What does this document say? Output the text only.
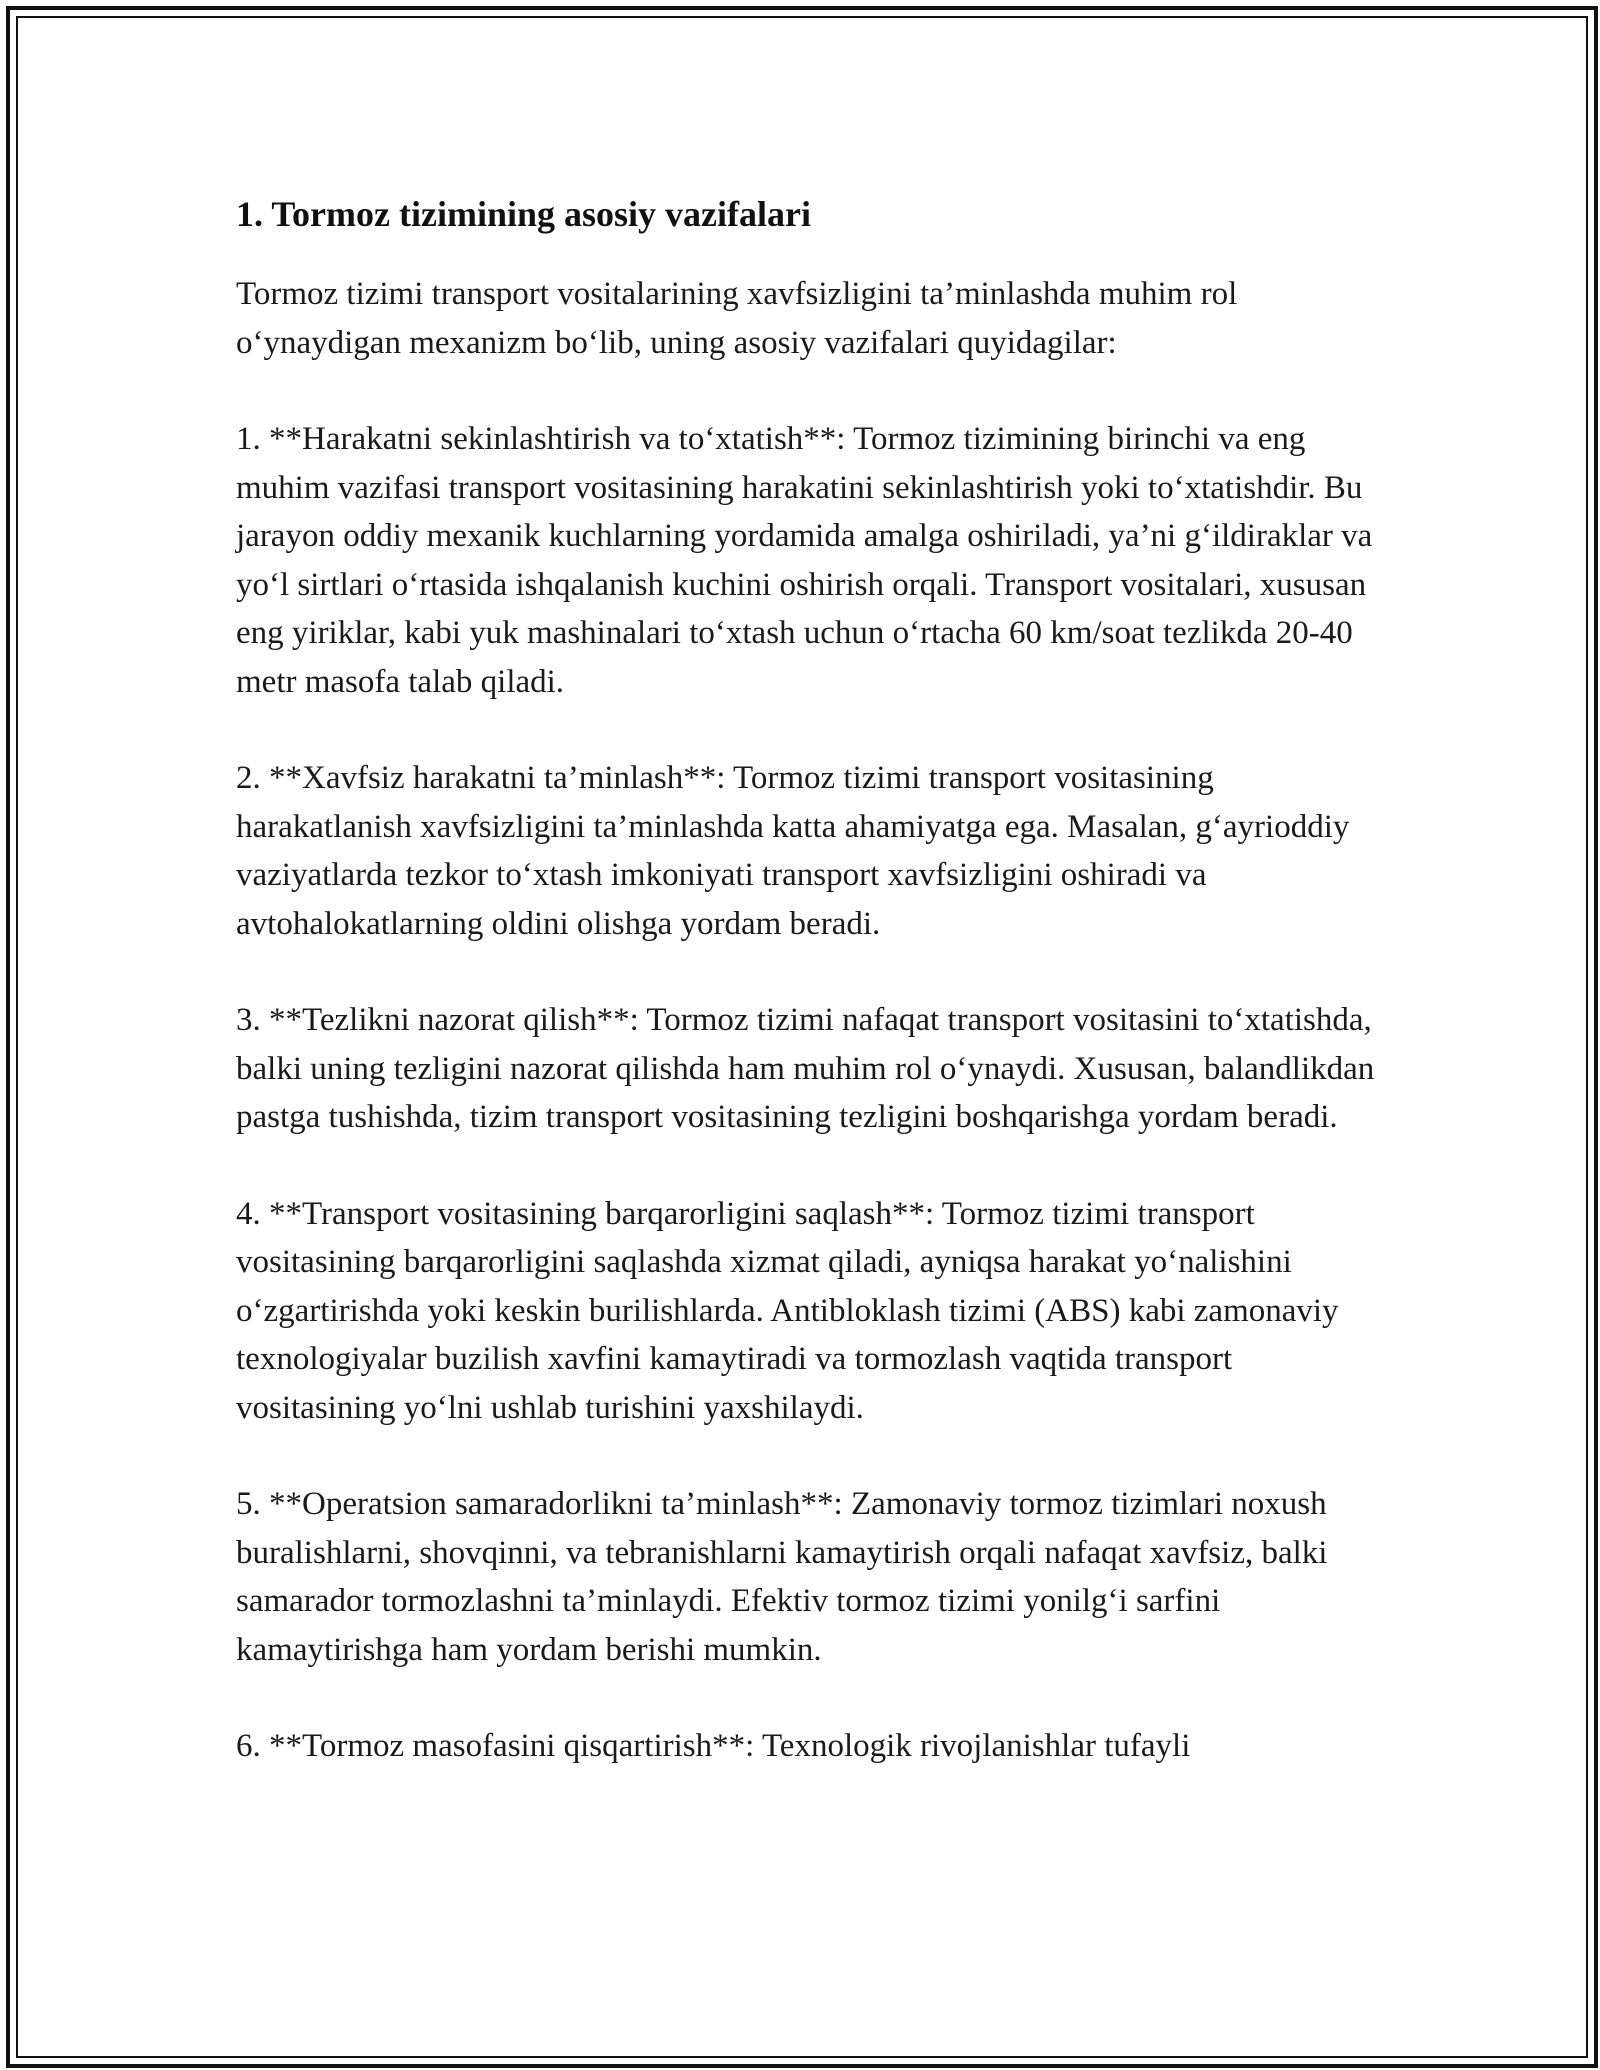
1. Tormoz tizimining asosiy vazifalari

Tormoz tizimi transport vositalarining xavfsizligini ta’minlashda muhim rol o‘ynaydigan mexanizm bo‘lib, uning asosiy vazifalari quyidagilar:

1. **Harakatni sekinlashtirish va to‘xtatish**: Tormoz tizimining birinchi va eng muhim vazifasi transport vositasining harakatini sekinlashtirish yoki to‘xtatishdir. Bu jarayon oddiy mexanik kuchlarning yordamida amalga oshiriladi, ya’ni g‘ildiraklar va yo‘l sirtlari o‘rtasida ishqalanish kuchini oshirish orqali. Transport vositalari, xususan eng yiriklar, kabi yuk mashinalari to‘xtash uchun o‘rtacha 60 km/soat tezlikda 20-40 metr masofa talab qiladi.

2. **Xavfsiz harakatni ta’minlash**: Tormoz tizimi transport vositasining harakatlanish xavfsizligini ta’minlashda katta ahamiyatga ega. Masalan, g‘ayrioddiy vaziyatlarda tezkor to‘xtash imkoniyati transport xavfsizligini oshiradi va avtohalokatlarning oldini olishga yordam beradi.

3. **Tezlikni nazorat qilish**: Tormoz tizimi nafaqat transport vositasini to‘xtatishda, balki uning tezligini nazorat qilishda ham muhim rol o‘ynaydi. Xususan, balandlikdan pastga tushishda, tizim transport vositasining tezligini boshqarishga yordam beradi.

4. **Transport vositasining barqarorligini saqlash**: Tormoz tizimi transport vositasining barqarorligini saqlashda xizmat qiladi, ayniqsa harakat yo‘nalishini o‘zgartirishda yoki keskin burilishlarda. Antibloklash tizimi (ABS) kabi zamonaviy texnologiyalar buzilish xavfini kamaytiradi va tormozlash vaqtida transport vositasining yo‘lni ushlab turishini yaxshilaydi.

5. **Operatsion samaradorlikni ta’minlash**: Zamonaviy tormoz tizimlari noxush buralishlarni, shovqinni, va tebranishlarni kamaytirish orqali nafaqat xavfsiz, balki samarador tormozlashni ta’minlaydi. Efektiv tormoz tizimi yonilg‘i sarfini kamaytirishga ham yordam berishi mumkin.

6. **Tormoz masofasini qisqartirish**: Texnologik rivojlanishlar tufayli
